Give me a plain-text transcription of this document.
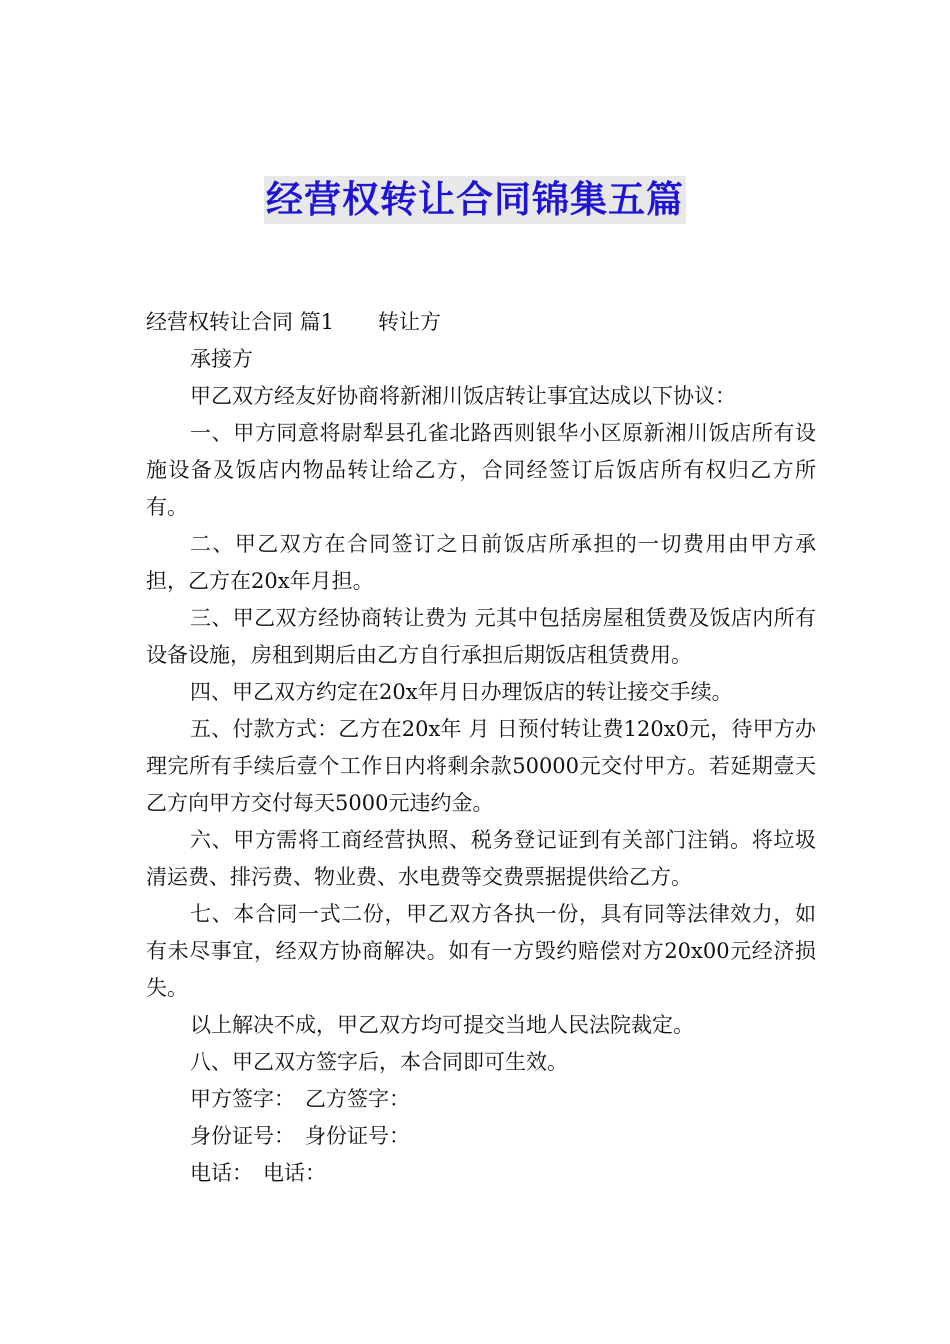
经营权转让合同锦集五篇

经营权转让合同 篇1 转让方

承接方

甲乙双方经友好协商将新湘川饭店转让事宜达成以下协议：

一、甲方同意将尉犁县孔雀北路西则银华小区原新湘川饭店所有设施设备及饭店内物品转让给乙方，合同经签订后饭店所有权归乙方所有。

二、甲乙双方在合同签订之日前饭店所承担的一切费用由甲方承担，乙方在20x年月担。

三、甲乙双方经协商转让费为 元其中包括房屋租赁费及饭店内所有设备设施，房租到期后由乙方自行承担后期饭店租赁费用。

四、甲乙双方约定在20x年月日办理饭店的转让接交手续。

五、付款方式：乙方在20x年 月 日预付转让费120x0元，待甲方办理完所有手续后壹个工作日内将剩余款50000元交付甲方。若延期壹天乙方向甲方交付每天5000元违约金。

六、甲方需将工商经营执照、税务登记证到有关部门注销。将垃圾清运费、排污费、物业费、水电费等交费票据提供给乙方。

七、本合同一式二份，甲乙双方各执一份，具有同等法律效力，如有未尽事宜，经双方协商解决。如有一方毁约赔偿对方20x00元经济损失。

以上解决不成，甲乙双方均可提交当地人民法院裁定。

八、甲乙双方签字后，本合同即可生效。

甲方签字： 乙方签字：

身份证号： 身份证号：

电话： 电话：
